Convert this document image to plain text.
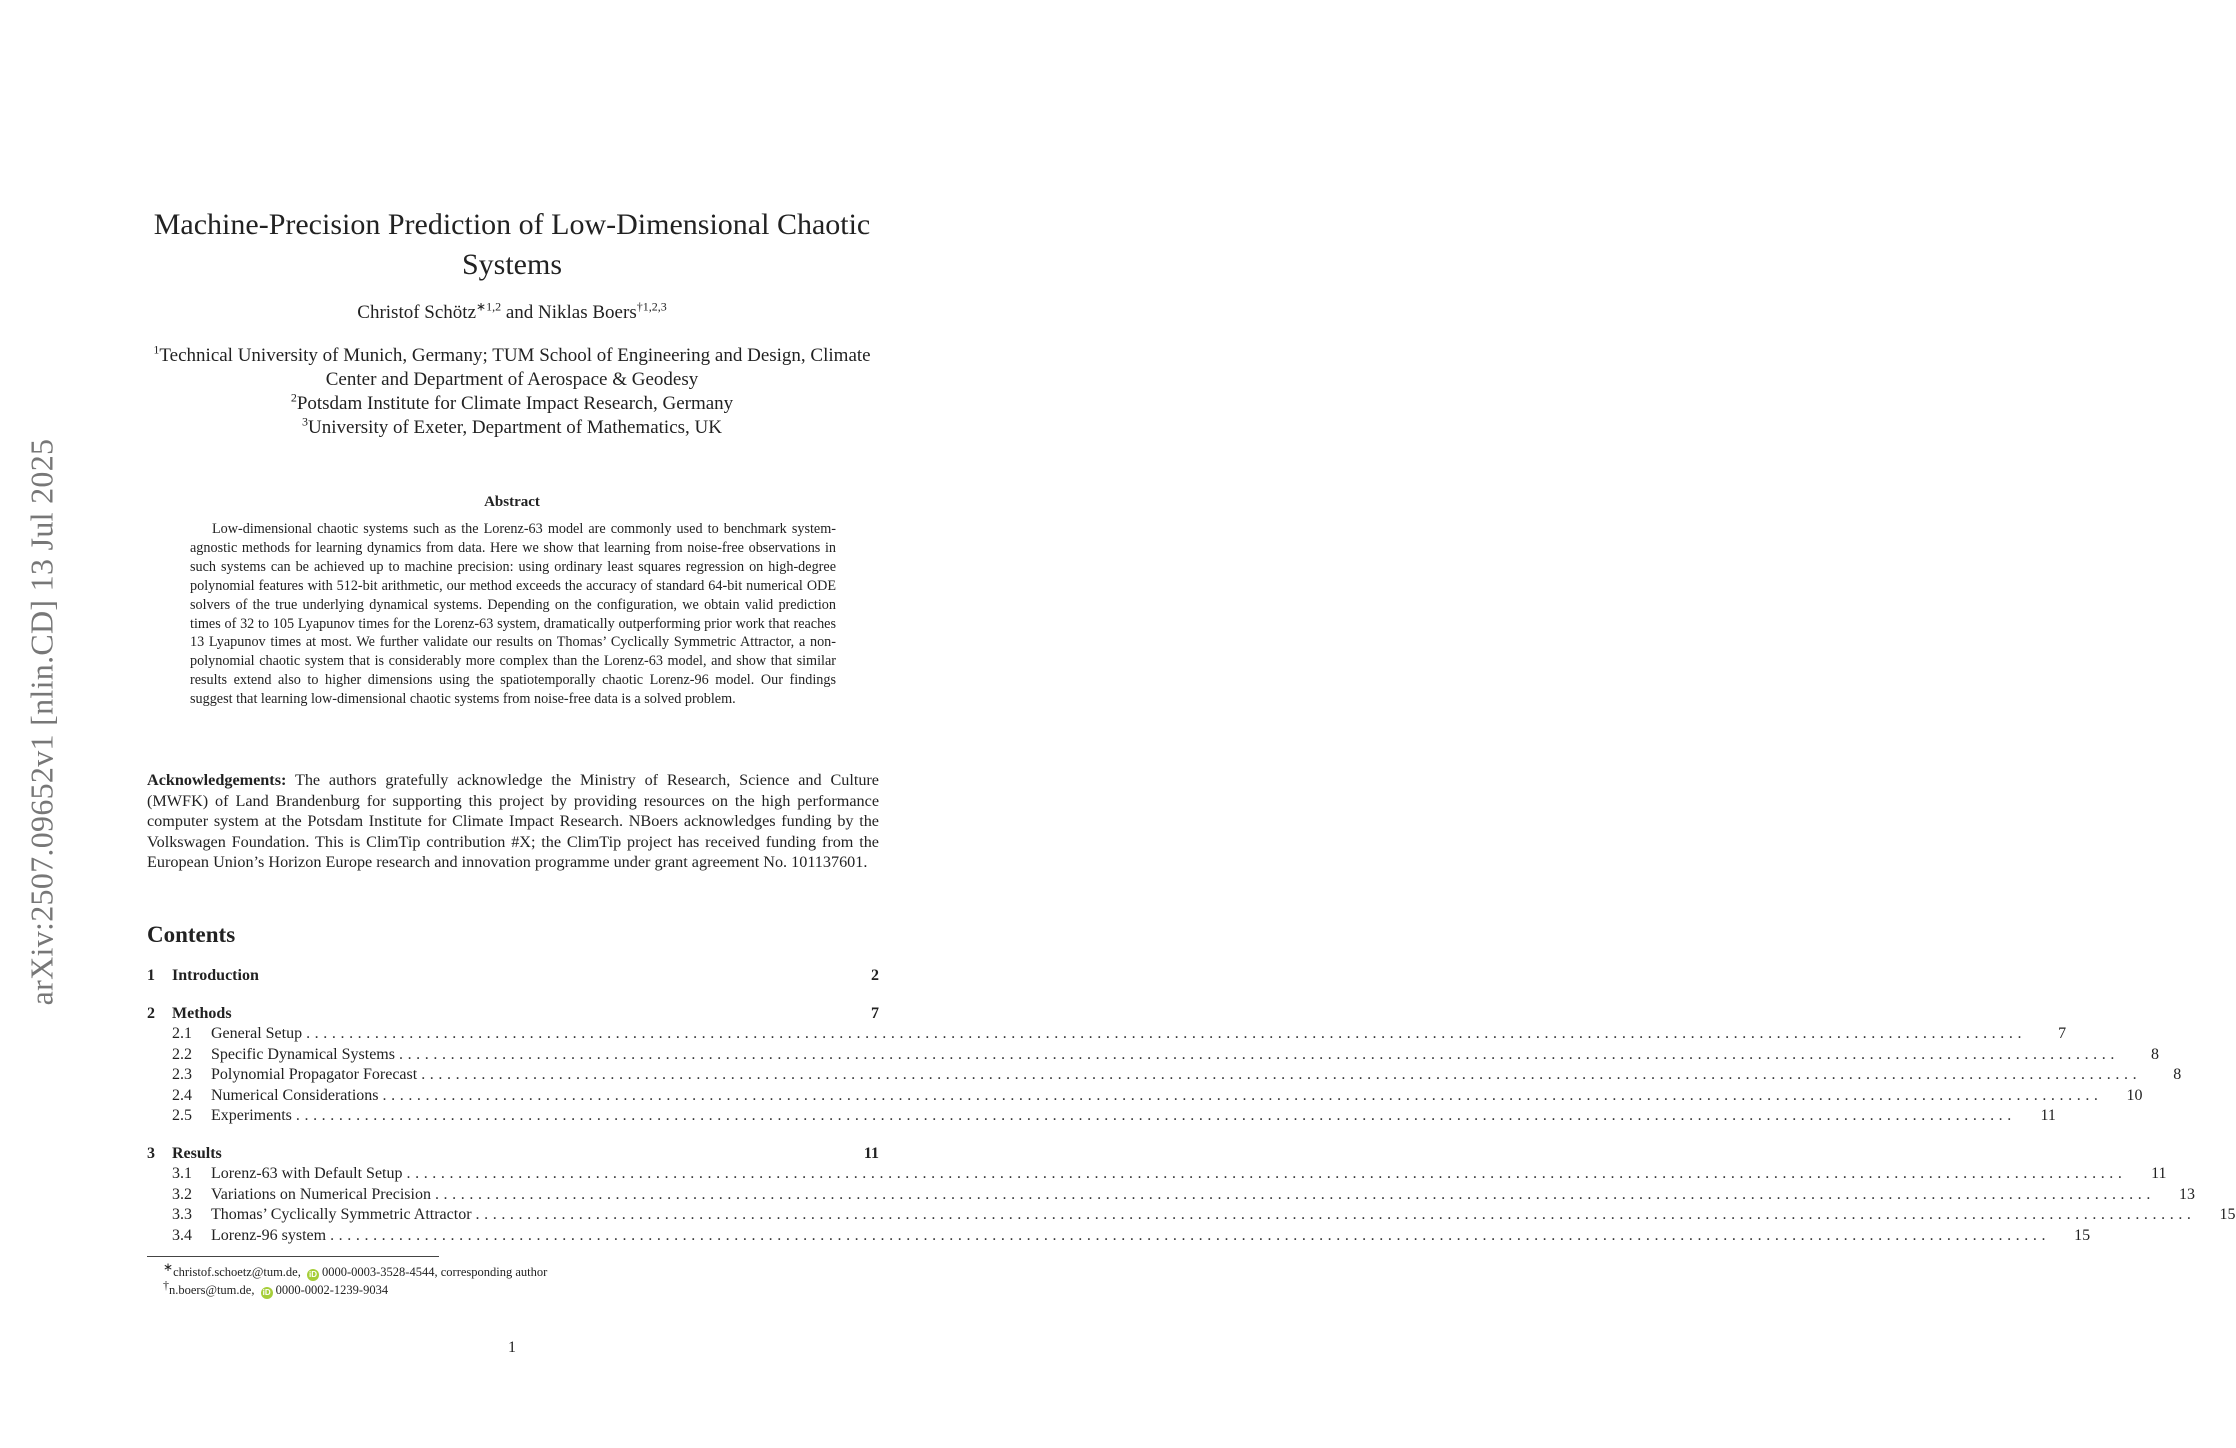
arXiv:2507.09652v1 [nlin.CD] 13 Jul 2025
Machine-Precision Prediction of Low-Dimensional Chaotic Systems
Christof Schötz$^{∗1,2}$ and Niklas Boers$^{\dagger 1,2,3}$
$^1$Technical University of Munich, Germany; TUM School of Engineering and Design, Climate Center and Department of Aerospace & Geodesy
$^2$Potsdam Institute for Climate Impact Research, Germany
$^3$University of Exeter, Department of Mathematics, UK
Abstract
Low-dimensional chaotic systems such as the Lorenz-63 model are commonly used to benchmark system-agnostic methods for learning dynamics from data. Here we show that learning from noise-free observations in such systems can be achieved up to machine precision: using ordinary least squares regression on high-degree polynomial features with 512-bit arithmetic, our method exceeds the accuracy of standard 64-bit numerical ODE solvers of the true underlying dynamical systems. Depending on the configuration, we obtain valid prediction times of 32 to 105 Lyapunov times for the Lorenz-63 system, dramatically outperforming prior work that reaches 13 Lyapunov times at most. We further validate our results on Thomas’ Cyclically Symmetric Attractor, a non-polynomial chaotic system that is considerably more complex than the Lorenz-63 model, and show that similar results extend also to higher dimensions using the spatiotemporally chaotic Lorenz-96 model. Our findings suggest that learning low-dimensional chaotic systems from noise-free data is a solved problem.
Acknowledgements: The authors gratefully acknowledge the Ministry of Research, Science and Culture (MWFK) of Land Brandenburg for supporting this project by providing resources on the high performance computer system at the Potsdam Institute for Climate Impact Research. NBoers acknowledges funding by the Volkswagen Foundation. This is ClimTip contribution #X; the ClimTip project has received funding from the European Union’s Horizon Europe research and innovation programme under grant agreement No. 101137601.
Contents
1 Introduction	2
2 Methods	7
2.1	General Setup ........................................................................................................................................................................................................	7
2.2	Specific Dynamical Systems ........................................................................................................................................................................................................	8
2.3	Polynomial Propagator Forecast ........................................................................................................................................................................................................	8
2.4	Numerical Considerations ........................................................................................................................................................................................................	10
2.5	Experiments ........................................................................................................................................................................................................	11
3 Results	11
3.1	Lorenz-63 with Default Setup ........................................................................................................................................................................................................	11
3.2	Variations on Numerical Precision ........................................................................................................................................................................................................	13
3.3	Thomas’ Cyclically Symmetric Attractor ........................................................................................................................................................................................................	15
3.4	Lorenz-96 system ........................................................................................................................................................................................................	15
∗christof.schoetz@tum.de, iD 0000-0003-3528-4544, corresponding author
†n.boers@tum.de, iD 0000-0002-1239-9034
1
